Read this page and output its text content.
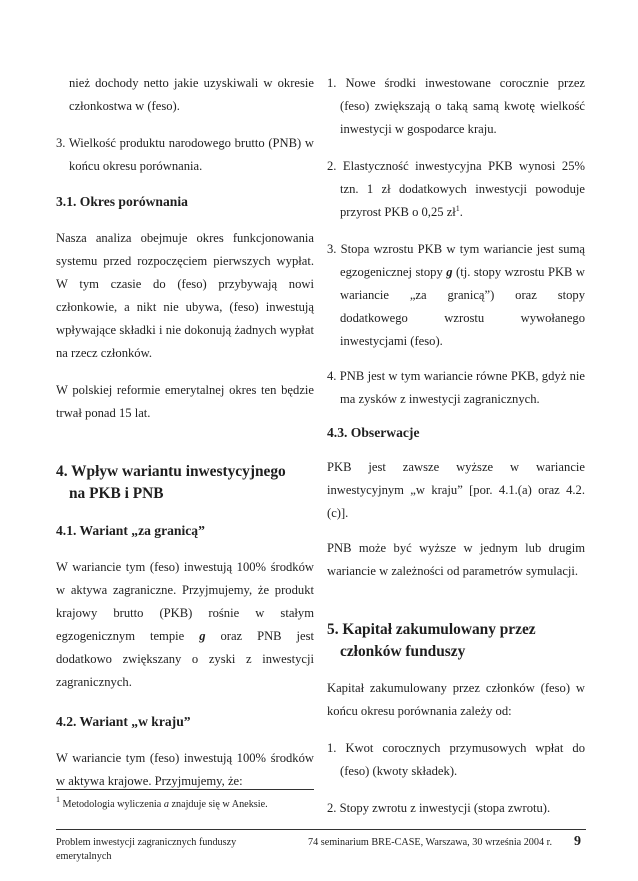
nież dochody netto jakie uzyskiwali w okresie członkostwa w (feso).

3. Wielkość produktu narodowego brutto (PNB) w końcu okresu porównania.

3.1. Okres porównania

Nasza analiza obejmuje okres funkcjonowania systemu przed rozpoczęciem pierwszych wypłat. W tym czasie do (feso) przybywają nowi członkowie, a nikt nie ubywa, (feso) inwestują wpływające składki i nie dokonują żadnych wypłat na rzecz członków.

W polskiej reformie emerytalnej okres ten będzie trwał ponad 15 lat.

4. Wpływ wariantu inwestycyjnego
na PKB i PNB
4.1. Wariant „za granicą”

W wariancie tym (feso) inwestują 100% środków w aktywa zagraniczne. Przyjmujemy, że produkt krajowy brutto (PKB) rośnie w stałym egzogenicznym tempie g oraz PNB jest dodatkowo zwiększany o zyski z inwestycji zagranicznych.

4.2. Wariant „w kraju”

W wariancie tym (feso) inwestują 100% środków w aktywa krajowe. Przyjmujemy, że:

1. Nowe środki inwestowane corocznie przez (feso) zwiększają o taką samą kwotę wielkość inwestycji w gospodarce kraju.

2. Elastyczność inwestycyjna PKB wynosi 25% tzn. 1 zł dodatkowych inwestycji powoduje przyrost PKB o 0,25 $zł^1$.

3. Stopa wzrostu PKB w tym wariancie jest sumą egzogenicznej stopy g (tj. stopy wzrostu PKB w wariancie „za granicą”) oraz stopy dodatkowego wzrostu wywołanego inwestycjami (feso).

4. PNB jest w tym wariancie równe PKB, gdyż nie ma zysków z inwestycji zagranicznych.

4.3. Obserwacje

PKB jest zawsze wyższe w wariancie inwestycyjnym „w kraju” [por. 4.1.(a) oraz 4.2. (c)].

PNB może być wyższe w jednym lub drugim wariancie w zależności od parametrów symulacji.

5. Kapitał zakumulowany przez
członków funduszy

Kapitał zakumulowany przez członków (feso) w końcu okresu porównania zależy od:

1. Kwot corocznych przymusowych wpłat do (feso) (kwoty składek).

2. Stopy zwrotu z inwestycji (stopa zwrotu).

$^1$ Metodologia wyliczenia a znajduje się w Aneksie.
Problem inwestycji zagranicznych funduszy emerytalnych
74 seminarium BRE-CASE, Warszawa, 30 września 2004 r. 9
